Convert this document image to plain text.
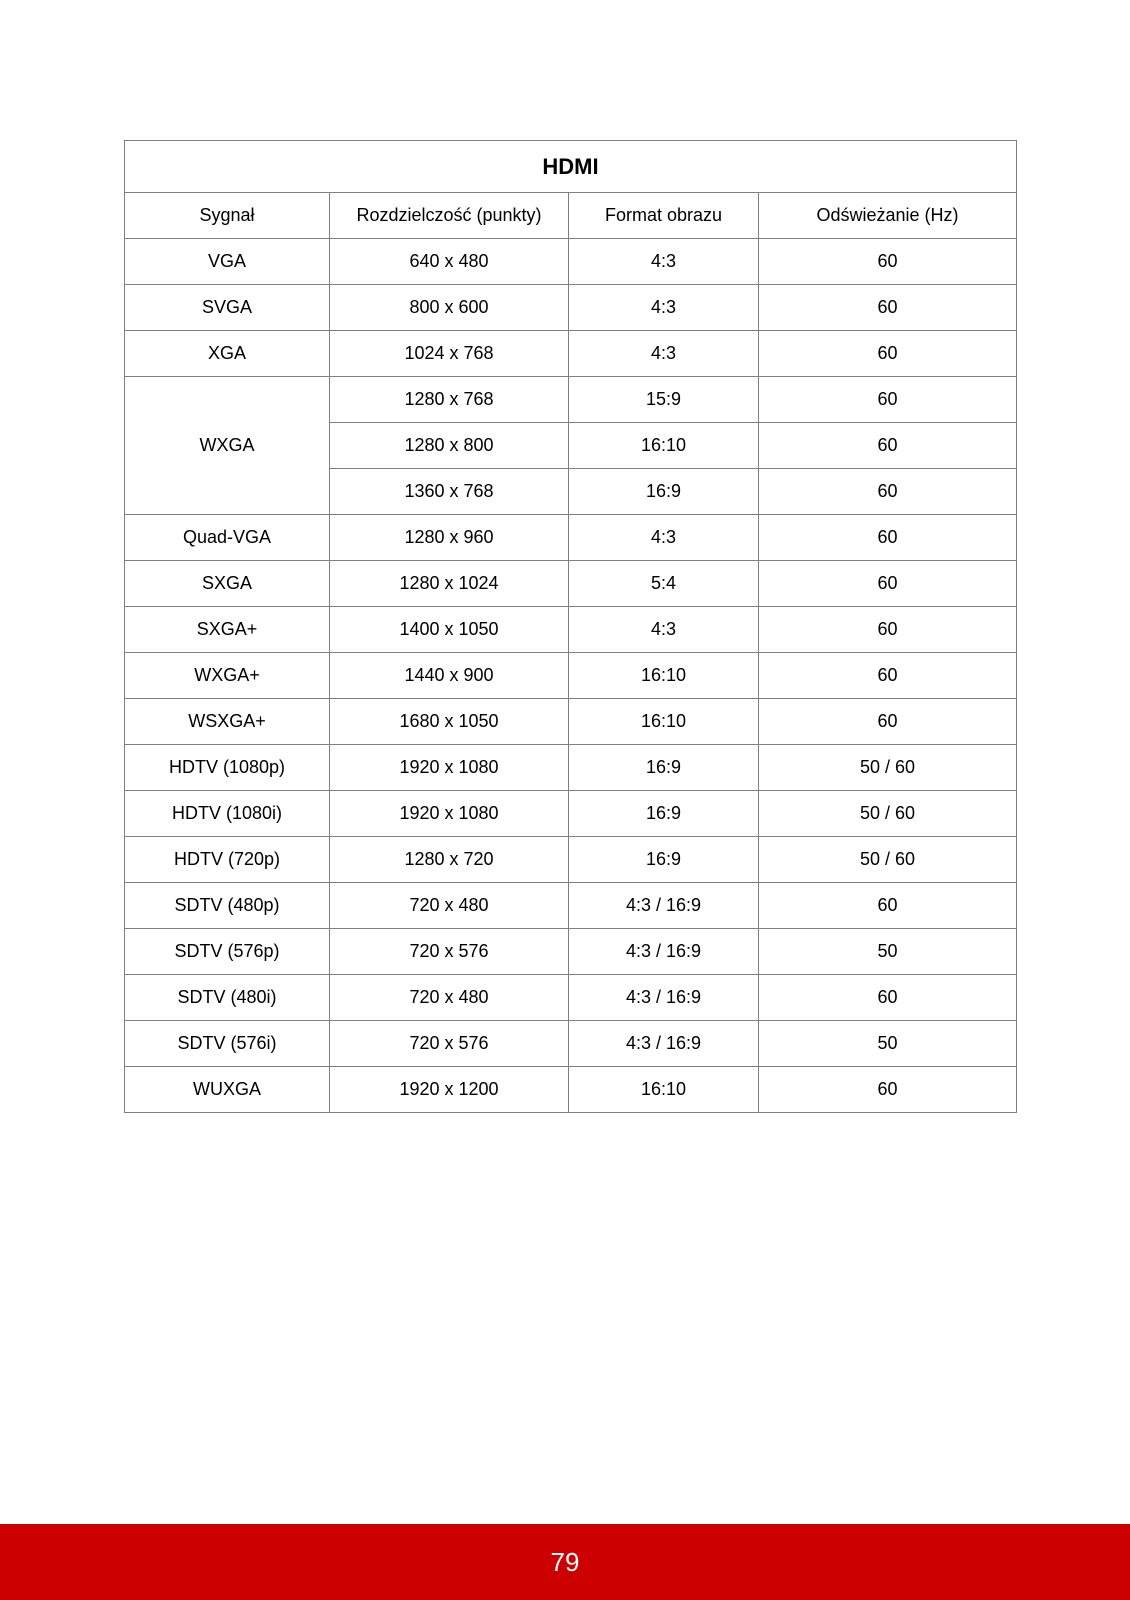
HDMI			
Sygnał	Rozdzielczość (punkty)	Format obrazu	Odświeżanie (Hz)
VGA	640 x 480	4:3	60
SVGA	800 x 600	4:3	60
XGA	1024 x 768	4:3	60
WXGA	1280 x 768	15:9	60
	1280 x 800	16:10	60
	1360 x 768	16:9	60
Quad-VGA	1280 x 960	4:3	60
SXGA	1280 x 1024	5:4	60
SXGA+	1400 x 1050	4:3	60
WXGA+	1440 x 900	16:10	60
WSXGA+	1680 x 1050	16:10	60
HDTV (1080p)	1920 x 1080	16:9	50 / 60
HDTV (1080i)	1920 x 1080	16:9	50 / 60
HDTV (720p)	1280 x 720	16:9	50 / 60
SDTV (480p)	720 x 480	4:3 / 16:9	60
SDTV (576p)	720 x 576	4:3 / 16:9	50
SDTV (480i)	720 x 480	4:3 / 16:9	60
SDTV (576i)	720 x 576	4:3 / 16:9	50
WUXGA	1920 x 1200	16:10	60
79
